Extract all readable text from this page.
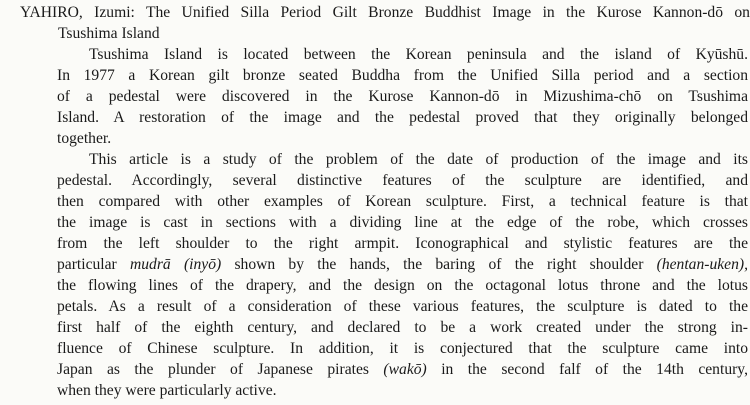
YAHIRO, Izumi: The Unified Silla Period Gilt Bronze Buddhist Image in the Kurose Kannon-dō on
Tsushima Island
Tsushima Island is located between the Korean peninsula and the island of Kyūshū.
In 1977 a Korean gilt bronze seated Buddha from the Unified Silla period and a section
of a pedestal were discovered in the Kurose Kannon-dō in Mizushima-chō on Tsushima
Island. A restoration of the image and the pedestal proved that they originally belonged
together.
This article is a study of the problem of the date of production of the image and its
pedestal. Accordingly, several distinctive features of the sculpture are identified, and
then compared with other examples of Korean sculpture. First, a technical feature is that
the image is cast in sections with a dividing line at the edge of the robe, which crosses
from the left shoulder to the right armpit. Iconographical and stylistic features are the
particular mudrā (inyō) shown by the hands, the baring of the right shoulder (hentan-uken),
the flowing lines of the drapery, and the design on the octagonal lotus throne and the lotus
petals. As a result of a consideration of these various features, the sculpture is dated to the
first half of the eighth century, and declared to be a work created under the strong in-
fluence of Chinese sculpture. In addition, it is conjectured that the sculpture came into
Japan as the plunder of Japanese pirates (wakō) in the second falf of the 14th century,
when they were particularly active.
